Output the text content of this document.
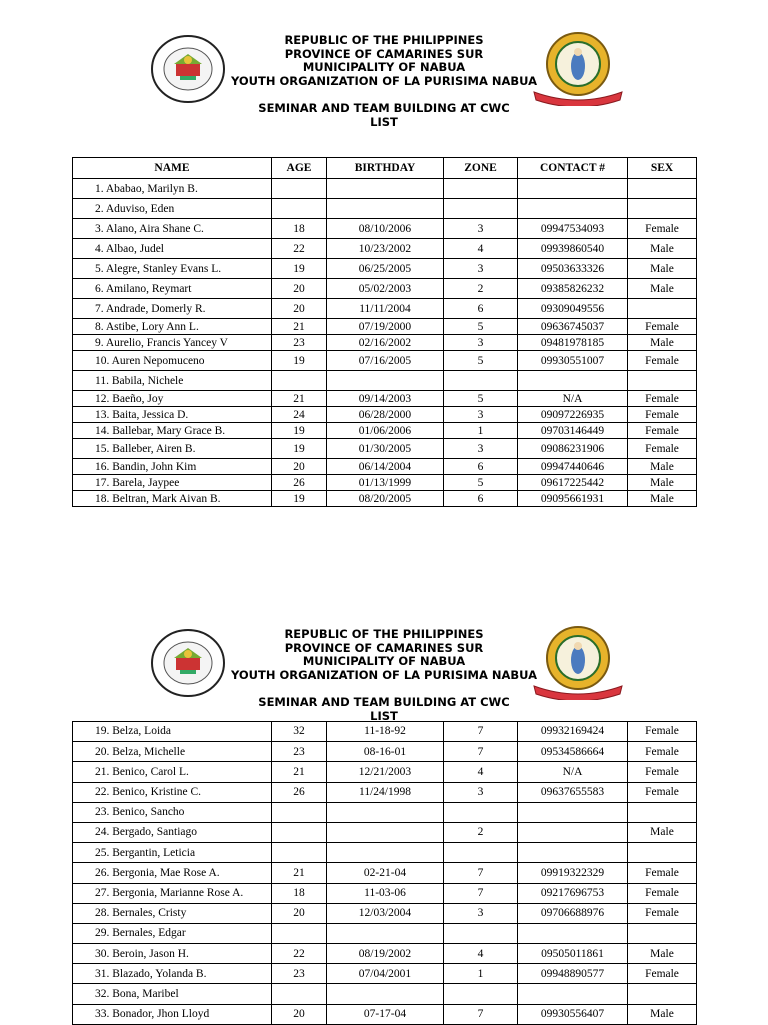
REPUBLIC OF THE PHILIPPINES
PROVINCE OF CAMARINES SUR
MUNICIPALITY OF NABUA
YOUTH ORGANIZATION OF LA PURISIMA NABUA
SEMINAR AND TEAM BUILDING AT CWC
LIST
NAME	AGE	BIRTHDAY	ZONE	CONTACT #	SEX
1. Ababao, Marilyn B.					
2. Aduviso, Eden					
3. Alano, Aira Shane C.	18	08/10/2006	3	09947534093	Female
4. Albao, Judel	22	10/23/2002	4	09939860540	Male
5. Alegre, Stanley Evans L.	19	06/25/2005	3	09503633326	Male
6. Amilano, Reymart	20	05/02/2003	2	09385826232	Male
7. Andrade, Domerly R.	20	11/11/2004	6	09309049556	
8. Astibe, Lory Ann L.	21	07/19/2000	5	09636745037	Female
9. Aurelio, Francis Yancey V	23	02/16/2002	3	09481978185	Male
10. Auren Nepomuceno	19	07/16/2005	5	09930551007	Female
11. Babila, Nichele					
12. Baeño, Joy	21	09/14/2003	5	N/A	Female
13. Baita, Jessica D.	24	06/28/2000	3	09097226935	Female
14. Ballebar, Mary Grace B.	19	01/06/2006	1	09703146449	Female
15. Balleber, Airen B.	19	01/30/2005	3	09086231906	Female
16. Bandin, John Kim	20	06/14/2004	6	09947440646	Male
17. Barela, Jaypee	26	01/13/1999	5	09617225442	Male
18. Beltran, Mark Aivan B.	19	08/20/2005	6	09095661931	Male
REPUBLIC OF THE PHILIPPINES
PROVINCE OF CAMARINES SUR
MUNICIPALITY OF NABUA
YOUTH ORGANIZATION OF LA PURISIMA NABUA
SEMINAR AND TEAM BUILDING AT CWC
LIST
19. Belza, Loida	32	11-18-92	7	09932169424	Female
20. Belza, Michelle	23	08-16-01	7	09534586664	Female
21. Benico, Carol L.	21	12/21/2003	4	N/A	Female
22. Benico, Kristine C.	26	11/24/1998	3	09637655583	Female
23. Benico, Sancho					
24. Bergado, Santiago			2		Male
25. Bergantin, Leticia					
26. Bergonia, Mae Rose A.	21	02-21-04	7	09919322329	Female
27. Bergonia, Marianne Rose A.	18	11-03-06	7	09217696753	Female
28. Bernales, Cristy	20	12/03/2004	3	09706688976	Female
29. Bernales, Edgar					
30. Beroin, Jason H.	22	08/19/2002	4	09505011861	Male
31. Blazado, Yolanda B.	23	07/04/2001	1	09948890577	Female
32. Bona, Maribel					
33. Bonador, Jhon Lloyd	20	07-17-04	7	09930556407	Male
